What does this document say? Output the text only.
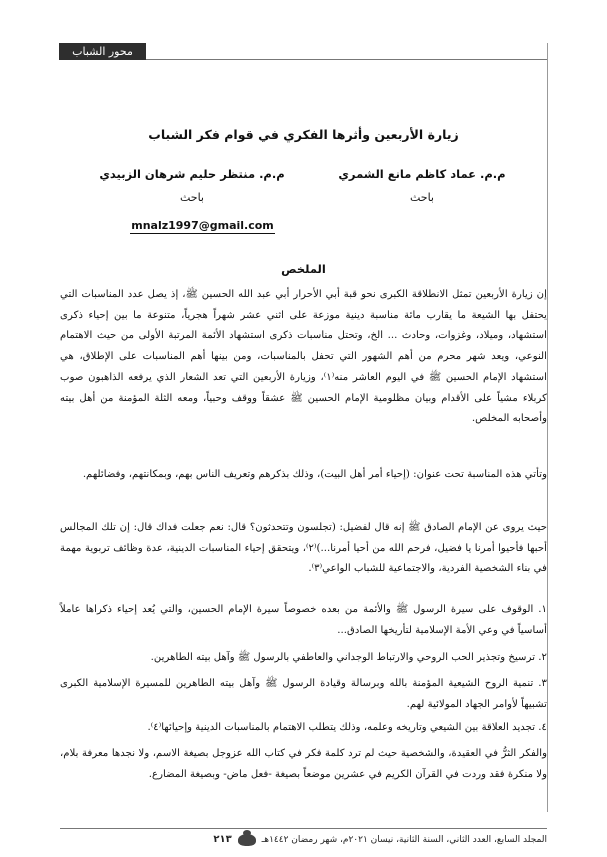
محور الشباب
زيارة الأربعين وأثرها الفكري في قوام فكر الشباب
م.م. عماد كاظم مانع الشمري
باحث
م.م. منتظر حليم شرهان الزبيدي
باحث
mnalz1997@gmail.com
الملخص
إن زيارة الأربعين تمثل الانطلاقة الكبرى نحو قبة أبي الأحرار أبي عبد الله الحسين ﷺ، إذ يصل عدد المناسبات التي يحتفل بها الشيعة ما يقارب مائة مناسبة دينية موزعة على اثني عشر شهراً هجرياً، متنوعة ما بين إحياء ذكرى استشهاد، وميلاد، وغزوات، وحادث ... الخ، وتحتل مناسبات ذكرى استشهاد الأئمة المرتبة الأولى من حيث الاهتمام النوعي، ويعد شهر محرم من أهم الشهور التي تحفل بالمناسبات، ومن بينها أهم المناسبات على الإطلاق، هي استشهاد الإمام الحسين ﷺ في اليوم العاشر منه⁽١⁾، وزيارة الأربعين التي تعد الشعار الذي يرفعه الذاهبون صوب كربلاء مشياً على الأقدام وبيان مظلومية الإمام الحسين ﷺ عشقاً ووقف وحبياً، ومعه الثلة المؤمنة من أهل بيته وأصحابه المخلص.
وتأتي هذه المناسبة تحت عنوان: (إحياء أمر أهل البيت)، وذلك بذكرهم وتعريف الناس بهم، وبمكانتهم، وفضائلهم.
حيث يروى عن الإمام الصادق ﷺ إنه قال لفضيل: (تجلسون وتتحدثون؟ قال: نعم جعلت فداك قال: إن تلك المجالس أحبها فأحيوا أمرنا يا فضيل، فرحم الله من أحيا أمرنا...)⁽٢⁾، ويتحقق إحياء المناسبات الدينية، عدة وظائف تربوية مهمة في بناء الشخصية الفردية، والاجتماعية للشباب الواعي⁽٣⁾.
١. الوقوف على سيرة الرسول ﷺ والأئمة من بعده خصوصاً سيرة الإمام الحسين، والتي يُعد إحياء ذكراها عاملاً أساسياً في وعي الأمة الإسلامية لتأريخها الصادق...
٢. ترسيخ وتجذير الحب الروحي والارتباط الوجداني والعاطفي بالرسول ﷺ وآهل بيته الطاهرين.
٣. تنمية الروح الشيعية المؤمنة بالله وبرسالة وقيادة الرسول ﷺ وآهل بيته الطاهرين للمسيرة الإسلامية الكبرى تشبيهاً لأوامر الجهاد المولائية لهم.
٤. تجديد العلاقة بين الشيعي وتاريخه وعلمه، وذلك يتطلب الاهتمام بالمناسبات الدينية وإحيائها⁽٤⁾.
والفكر الثرُّ في العقيدة، والشخصية حيث لم ترد كلمة فكر في كتاب الله عزوجل بصيغة الاسم، ولا نجدها معرفة بلام، ولا منكرة فقد وردت في القرآن الكريم في عشرين موضعاً بصيغة -فعل ماض- وبصيغة المضارع.
المجلد السابع، العدد الثاني، السنة الثانية، نيسان ٢٠٢١م، شهر رمضان ١٤٤٢هـ
٢١٣
